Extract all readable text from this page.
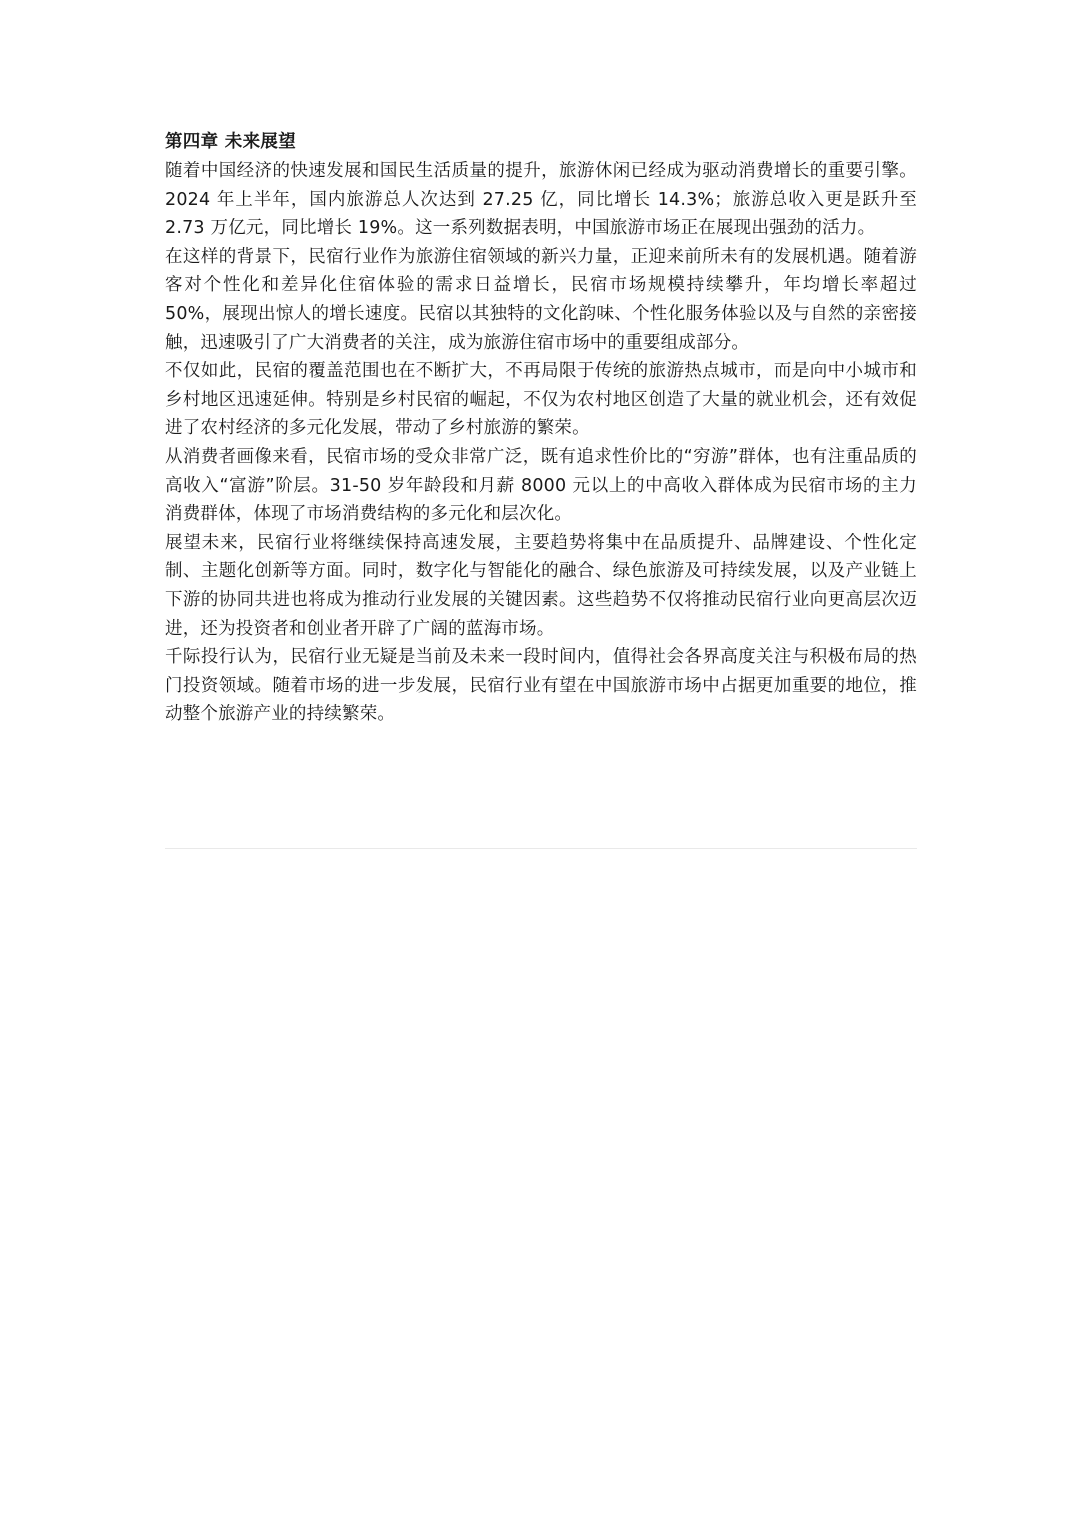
第四章 未来展望

随着中国经济的快速发展和国民生活质量的提升，旅游休闲已经成为驱动消费增长的重要引擎。2024 年上半年，国内旅游总人次达到 27.25 亿，同比增长 14.3%；旅游总收入更是跃升至 2.73 万亿元，同比增长 19%。这一系列数据表明，中国旅游市场正在展现出强劲的活力。

在这样的背景下，民宿行业作为旅游住宿领域的新兴力量，正迎来前所未有的发展机遇。随着游客对个性化和差异化住宿体验的需求日益增长，民宿市场规模持续攀升，年均增长率超过 50%，展现出惊人的增长速度。民宿以其独特的文化韵味、个性化服务体验以及与自然的亲密接触，迅速吸引了广大消费者的关注，成为旅游住宿市场中的重要组成部分。

不仅如此，民宿的覆盖范围也在不断扩大，不再局限于传统的旅游热点城市，而是向中小城市和乡村地区迅速延伸。特别是乡村民宿的崛起，不仅为农村地区创造了大量的就业机会，还有效促进了农村经济的多元化发展，带动了乡村旅游的繁荣。

从消费者画像来看，民宿市场的受众非常广泛，既有追求性价比的“穷游”群体，也有注重品质的高收入“富游”阶层。31-50 岁年龄段和月薪 8000 元以上的中高收入群体成为民宿市场的主力消费群体，体现了市场消费结构的多元化和层次化。

展望未来，民宿行业将继续保持高速发展，主要趋势将集中在品质提升、品牌建设、个性化定制、主题化创新等方面。同时，数字化与智能化的融合、绿色旅游及可持续发展，以及产业链上下游的协同共进也将成为推动行业发展的关键因素。这些趋势不仅将推动民宿行业向更高层次迈进，还为投资者和创业者开辟了广阔的蓝海市场。

千际投行认为，民宿行业无疑是当前及未来一段时间内，值得社会各界高度关注与积极布局的热门投资领域。随着市场的进一步发展，民宿行业有望在中国旅游市场中占据更加重要的地位，推动整个旅游产业的持续繁荣。
